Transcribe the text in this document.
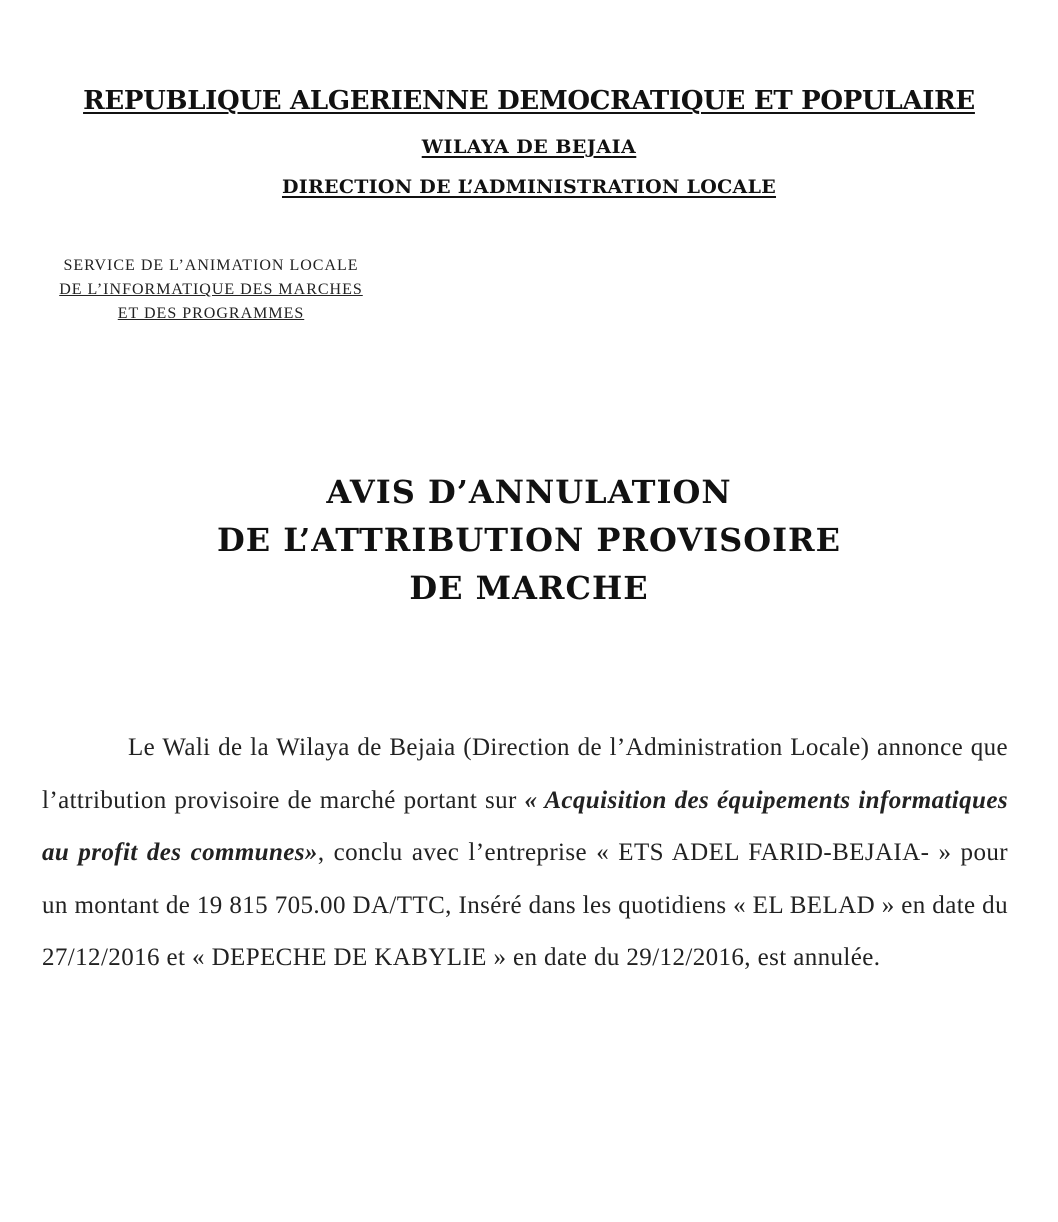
REPUBLIQUE ALGERIENNE DEMOCRATIQUE ET POPULAIRE
WILAYA DE BEJAIA
DIRECTION DE L’ADMINISTRATION LOCALE
SERVICE DE L’ANIMATION LOCALE
DE L’INFORMATIQUE DES MARCHES
ET DES PROGRAMMES
AVIS D’ANNULATION
DE L’ATTRIBUTION PROVISOIRE
DE MARCHE
Le Wali de la Wilaya de Bejaia (Direction de l’Administration Locale) annonce que l’attribution provisoire de marché portant sur « Acquisition des équipements informatiques au profit des communes», conclu avec l’entreprise « ETS ADEL FARID-BEJAIA- » pour un montant de 19 815 705.00 DA/TTC, Inséré dans les quotidiens « EL BELAD » en date du 27/12/2016 et « DEPECHE DE KABYLIE » en date du 29/12/2016, est annulée.
